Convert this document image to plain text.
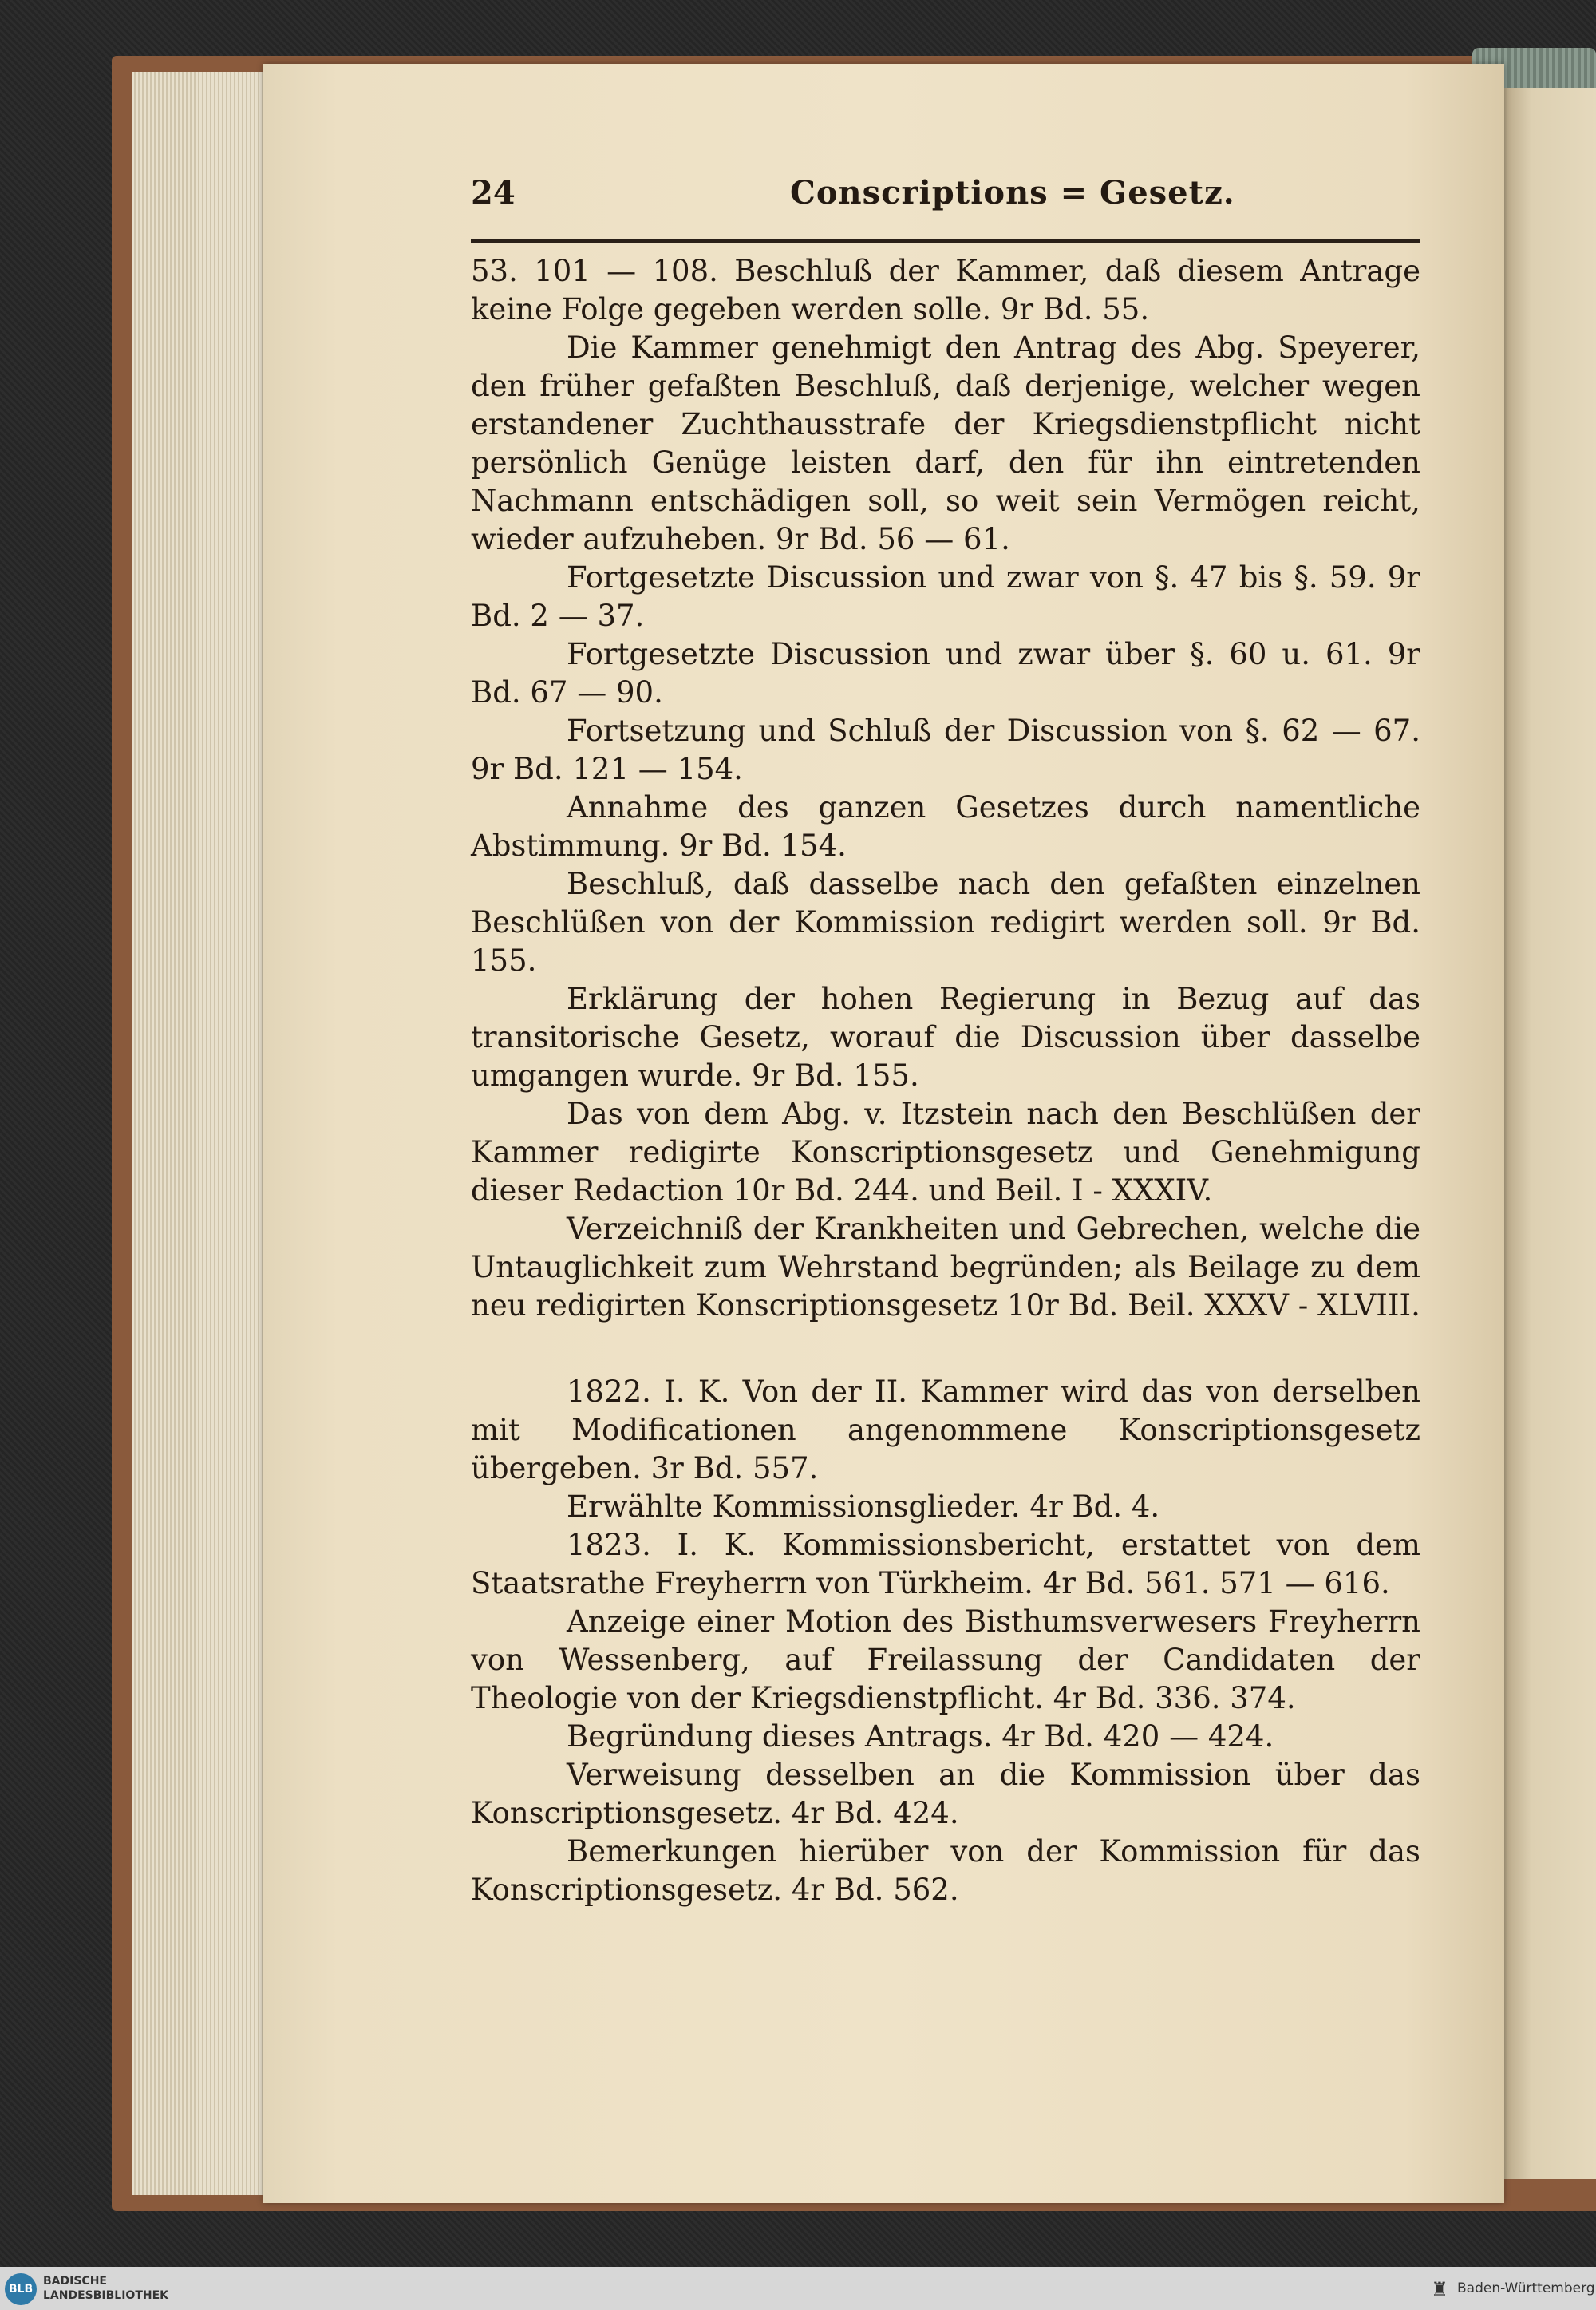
24	Conscriptions = Gesetz.

53. 101 — 108. Beschluß der Kammer, daß diesem Antrage keine Folge gegeben werden solle. 9r Bd. 55.

Die Kammer genehmigt den Antrag des Abg. Speyerer, den früher gefaßten Beschluß, daß derjenige, welcher wegen erstandener Zuchthausstrafe der Kriegsdienstpflicht nicht persönlich Genüge leisten darf, den für ihn eintretenden Nachmann entschädigen soll, so weit sein Vermögen reicht, wieder aufzuheben. 9r Bd. 56 — 61.

Fortgesetzte Discussion und zwar von §. 47 bis §. 59. 9r Bd. 2 — 37.

Fortgesetzte Discussion und zwar über §. 60 u. 61. 9r Bd. 67 — 90.

Fortsetzung und Schluß der Discussion von §. 62 — 67. 9r Bd. 121 — 154.

Annahme des ganzen Gesetzes durch namentliche Abstimmung. 9r Bd. 154.

Beschluß, daß dasselbe nach den gefaßten einzelnen Beschlüßen von der Kommission redigirt werden soll. 9r Bd. 155.

Erklärung der hohen Regierung in Bezug auf das transitorische Gesetz, worauf die Discussion über dasselbe umgangen wurde. 9r Bd. 155.

Das von dem Abg. v. Itzstein nach den Beschlüßen der Kammer redigirte Konscriptionsgesetz und Genehmigung dieser Redaction 10r Bd. 244. und Beil. I - XXXIV.

Verzeichniß der Krankheiten und Gebrechen, welche die Untauglichkeit zum Wehrstand begründen; als Beilage zu dem neu redigirten Konscriptionsgesetz 10r Bd. Beil. XXXV - XLVIII.

1822. I. K. Von der II. Kammer wird das von derselben mit Modificationen angenommene Konscriptionsgesetz übergeben. 3r Bd. 557.

Erwählte Kommissionsglieder. 4r Bd. 4.

1823. I. K. Kommissionsbericht, erstattet von dem Staatsrathe Freyherrn von Türkheim. 4r Bd. 561. 571 — 616.

Anzeige einer Motion des Bisthumsverwesers Freyherrn von Wessenberg, auf Freilassung der Candidaten der Theologie von der Kriegsdienstpflicht. 4r Bd. 336. 374.

Begründung dieses Antrags. 4r Bd. 420 — 424.

Verweisung desselben an die Kommission über das Konscriptionsgesetz. 4r Bd. 424.

Bemerkungen hierüber von der Kommission für das Konscriptionsgesetz. 4r Bd. 562.

BLB
BADISCHE
LANDESBIBLIOTHEK	♜ Baden-Württemberg
